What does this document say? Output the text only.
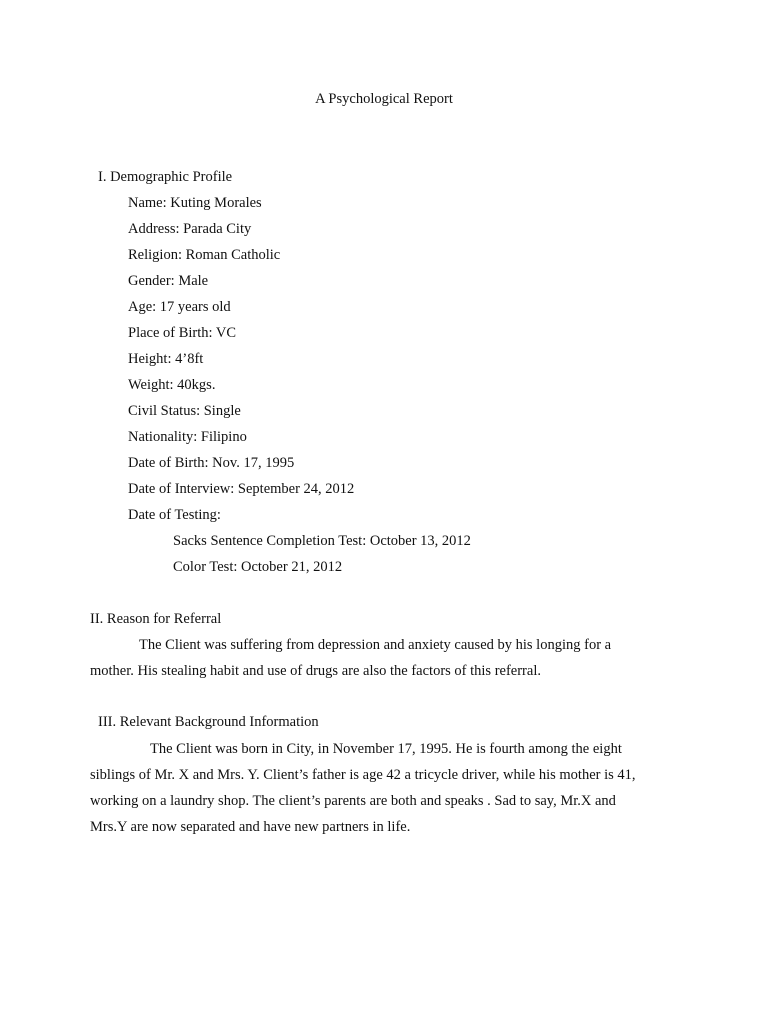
A Psychological Report
I. Demographic Profile
Name: Kuting Morales
Address: Parada City
Religion: Roman Catholic
Gender: Male
Age: 17 years old
Place of Birth: VC
Height: 4’8ft
Weight: 40kgs.
Civil Status: Single
Nationality: Filipino
Date of Birth: Nov. 17, 1995
Date of Interview: September 24, 2012
Date of Testing:
Sacks Sentence Completion Test: October 13, 2012
Color Test: October 21, 2012
II. Reason for Referral
The Client was suffering from depression and anxiety caused by his longing for a
mother. His stealing habit and use of drugs are also the factors of this referral.
III. Relevant Background Information
The Client was born in City, in November 17, 1995. He is fourth among the eight
siblings of Mr. X and Mrs. Y. Client’s father is age 42 a tricycle driver, while his mother is 41,
working on a laundry shop. The client’s parents are both and speaks . Sad to say, Mr.X and
Mrs.Y are now separated and have new partners in life.
